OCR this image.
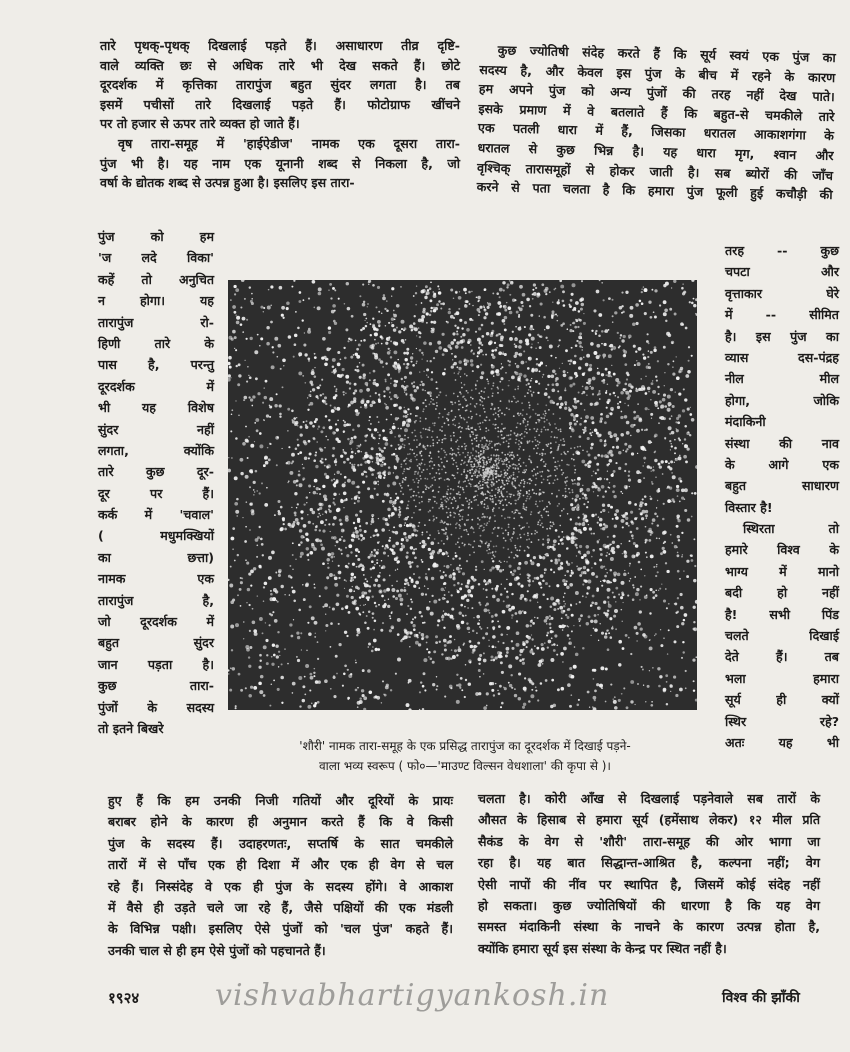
तारे पृथक्-पृथक् दिखलाई पड़ते हैं। असाधारण तीव्र दृष्टि-
वाले व्यक्ति छः से अधिक तारे भी देख सकते हैं। छोटे
दूरदर्शक में कृत्तिका तारापुंज बहुत सुंदर लगता है। तब
इसमें पचीसों तारे दिखलाई पड़ते हैं। फोटोग्राफ खींचने
पर तो हजार से ऊपर तारे व्यक्त हो जाते हैं।
वृष तारा-समूह में 'हाईऐडीज' नामक एक दूसरा तारा-
पुंज भी है। यह नाम एक यूनानी शब्द से निकला है, जो
वर्षा के द्योतक शब्द से उत्पन्न हुआ है। इसलिए इस तारा-
कुछ ज्योतिषी संदेह करते हैं कि सूर्य स्वयं एक पुंज का
सदस्य है, और केवल इस पुंज के बीच में रहने के कारण
हम अपने पुंज को अन्य पुंजों की तरह नहीं देख पाते।
इसके प्रमाण में वे बतलाते हैं कि बहुत-से चमकीले तारे
एक पतली धारा में हैं, जिसका धरातल आकाशगंगा के
धरातल से कुछ भिन्न है। यह धारा मृग, श्वान और
वृश्चिक् तारासमूहों से होकर जाती है। सब ब्योरों की जाँच
करने से पता चलता है कि हमारा पुंज फूली हुई कचौड़ी की
पुंज को हम
'ज लदे विका'
कहें तो अनुचित
न होगा। यह
तारापुंज रो-
हिणी तारे के
पास है, परन्तु
दूरदर्शक में
भी यह विशेष
सुंदर नहीं
लगता, क्योंकि
तारे कुछ दूर-
दूर पर हैं।
कर्क में 'चवाल'
( मधुमक्खियों
का छत्ता)
नामक एक
तारापुंज है,
जो दूरदर्शक में
बहुत सुंदर
जान पड़ता है।
कुछ तारा-
पुंजों के सदस्य
तो इतने बिखरे
तरह -- कुछ
चपटा और
वृत्ताकार घेरे
में -- सीमित
है। इस पुंज का
व्यास दस-पंद्रह
नील मील
होगा, जोकि
मंदाकिनी
संस्था की नाव
के आगे एक
बहुत साधारण
विस्तार है!
स्थिरता तो
हमारे विश्व के
भाग्य में मानो
बदी हो नहीं
है! सभी पिंड
चलते दिखाई
देते हैं। तब
भला हमारा
सूर्य ही क्यों
स्थिर रहे?
अतः यह भी
'शौरी' नामक तारा-समूह के एक प्रसिद्ध तारापुंज का दूरदर्शक में दिखाई पड़ने-
वाला भव्य स्वरूप ( फो०—'माउण्ट विल्सन वेधशाला' की कृपा से )।
हुए हैं कि हम उनकी निजी गतियों और दूरियों के प्रायः
बराबर होने के कारण ही अनुमान करते हैं कि वे किसी
पुंज के सदस्य हैं। उदाहरणतः, सप्तर्षि के सात चमकीले
तारों में से पाँच एक ही दिशा में और एक ही वेग से चल
रहे हैं। निस्संदेह वे एक ही पुंज के सदस्य होंगे। वे आकाश
में वैसे ही उड़ते चले जा रहे हैं, जैसे पक्षियों की एक मंडली
के विभिन्न पक्षी। इसलिए ऐसे पुंजों को 'चल पुंज' कहते हैं।
उनकी चाल से ही हम ऐसे पुंजों को पहचानते हैं।
चलता है। कोरी आँख से दिखलाई पड़नेवाले सब तारों के
औसत के हिसाब से हमारा सूर्य (हमेंसाथ लेकर) १२ मील प्रति
सैकंड के वेग से 'शौरी' तारा-समूह की ओर भागा जा
रहा है। यह बात सिद्धान्त-आश्रित है, कल्पना नहीं; वेग
ऐसी नापों की नींव पर स्थापित है, जिसमें कोई संदेह नहीं
हो सकता। कुछ ज्योतिषियों की धारणा है कि यह वेग
समस्त मंदाकिनी संस्था के नाचने के कारण उत्पन्न होता है,
क्योंकि हमारा सूर्य इस संस्था के केन्द्र पर स्थित नहीं है।
१९२४	vishvabhartigyankosh.in	विश्व की झाँकी
